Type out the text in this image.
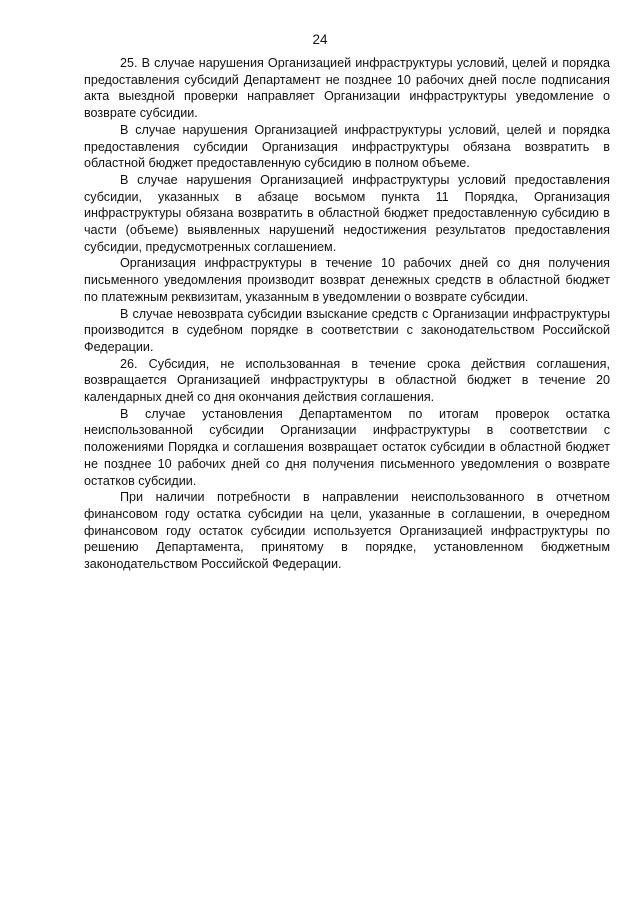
24

25. В случае нарушения Организацией инфраструктуры условий, целей и порядка предоставления субсидий Департамент не позднее 10 рабочих дней после подписания акта выездной проверки направляет Организации инфраструктуры уведомление о возврате субсидии.

В случае нарушения Организацией инфраструктуры условий, целей и порядка предоставления субсидии Организация инфраструктуры обязана возвратить в областной бюджет предоставленную субсидию в полном объеме.

В случае нарушения Организацией инфраструктуры условий предоставления субсидии, указанных в абзаце восьмом пункта 11 Порядка, Организация инфраструктуры обязана возвратить в областной бюджет предоставленную субсидию в части (объеме) выявленных нарушений недостижения результатов предоставления субсидии, предусмотренных соглашением.

Организация инфраструктуры в течение 10 рабочих дней со дня получения письменного уведомления производит возврат денежных средств в областной бюджет по платежным реквизитам, указанным в уведомлении о возврате субсидии.

В случае невозврата субсидии взыскание средств с Организации инфраструктуры производится в судебном порядке в соответствии с законодательством Российской Федерации.

26. Субсидия, не использованная в течение срока действия соглашения, возвращается Организацией инфраструктуры в областной бюджет в течение 20 календарных дней со дня окончания действия соглашения.

В случае установления Департаментом по итогам проверок остатка неиспользованной субсидии Организации инфраструктуры в соответствии с положениями Порядка и соглашения возвращает остаток субсидии в областной бюджет не позднее 10 рабочих дней со дня получения письменного уведомления о возврате остатков субсидии.

При наличии потребности в направлении неиспользованного в отчетном финансовом году остатка субсидии на цели, указанные в соглашении, в очередном финансовом году остаток субсидии используется Организацией инфраструктуры по решению Департамента, принятому в порядке, установленном бюджетным законодательством Российской Федерации.
